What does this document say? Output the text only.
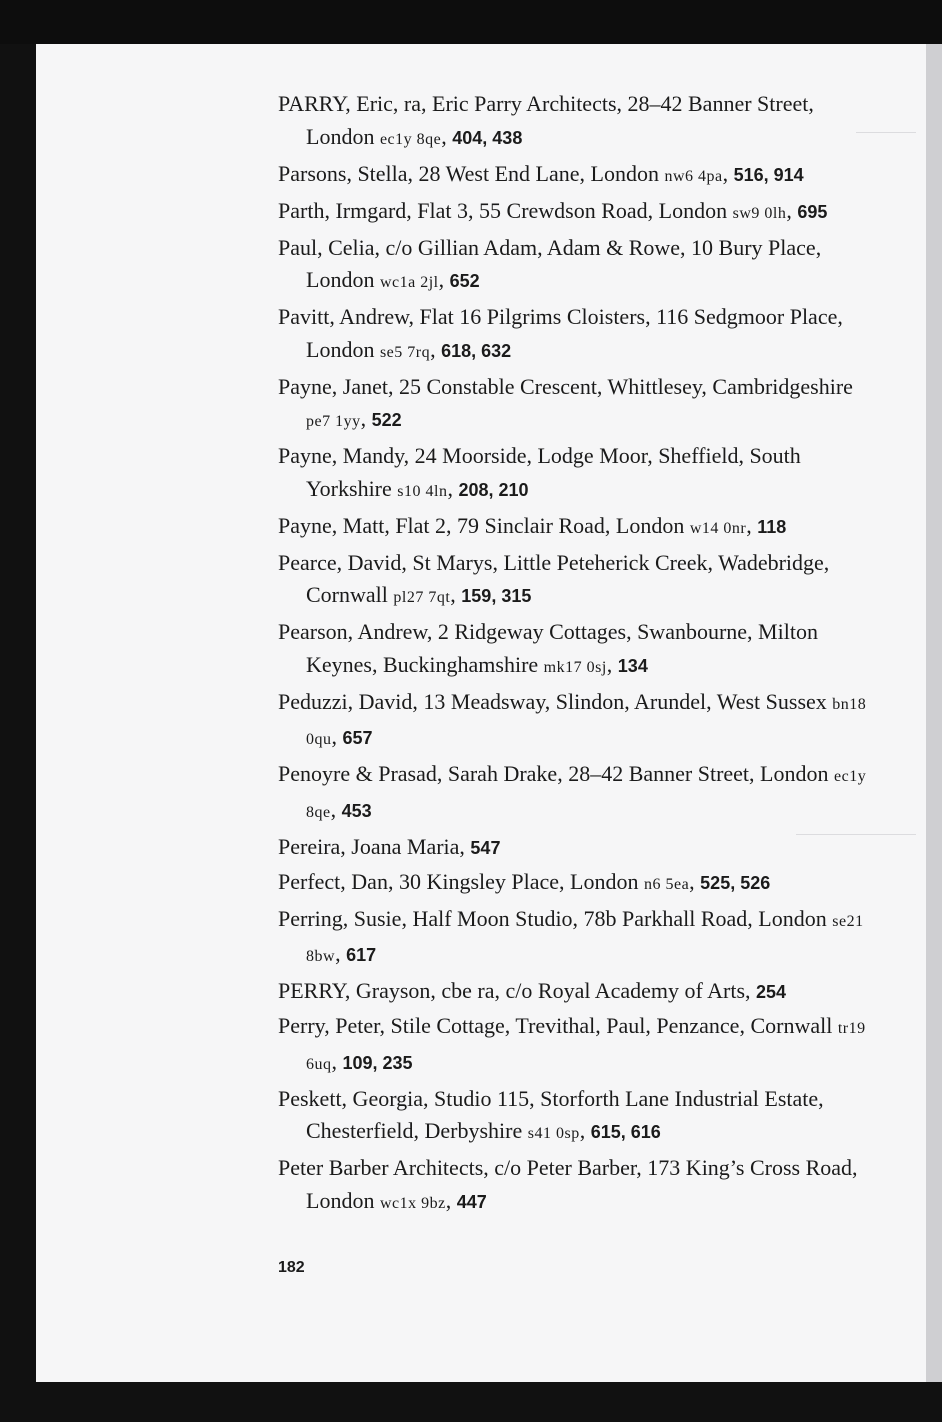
PARRY, Eric, ra, Eric Parry Architects, 28–42 Banner Street, London ec1y 8qe, 404, 438
Parsons, Stella, 28 West End Lane, London nw6 4pa, 516, 914
Parth, Irmgard, Flat 3, 55 Crewdson Road, London sw9 0lh, 695
Paul, Celia, c/o Gillian Adam, Adam & Rowe, 10 Bury Place, London wc1a 2jl, 652
Pavitt, Andrew, Flat 16 Pilgrims Cloisters, 116 Sedgmoor Place, London se5 7rq, 618, 632
Payne, Janet, 25 Constable Crescent, Whittlesey, Cambridgeshire pe7 1yy, 522
Payne, Mandy, 24 Moorside, Lodge Moor, Sheffield, South Yorkshire s10 4ln, 208, 210
Payne, Matt, Flat 2, 79 Sinclair Road, London w14 0nr, 118
Pearce, David, St Marys, Little Peteherick Creek, Wadebridge, Cornwall pl27 7qt, 159, 315
Pearson, Andrew, 2 Ridgeway Cottages, Swanbourne, Milton Keynes, Buckinghamshire mk17 0sj, 134
Peduzzi, David, 13 Meadsway, Slindon, Arundel, West Sussex bn18 0qu, 657
Penoyre & Prasad, Sarah Drake, 28–42 Banner Street, London ec1y 8qe, 453
Pereira, Joana Maria, 547
Perfect, Dan, 30 Kingsley Place, London n6 5ea, 525, 526
Perring, Susie, Half Moon Studio, 78b Parkhall Road, London se21 8bw, 617
PERRY, Grayson, cbe ra, c/o Royal Academy of Arts, 254
Perry, Peter, Stile Cottage, Trevithal, Paul, Penzance, Cornwall tr19 6uq, 109, 235
Peskett, Georgia, Studio 115, Storforth Lane Industrial Estate, Chesterfield, Derbyshire s41 0sp, 615, 616
Peter Barber Architects, c/o Peter Barber, 173 King’s Cross Road, London wc1x 9bz, 447
182
